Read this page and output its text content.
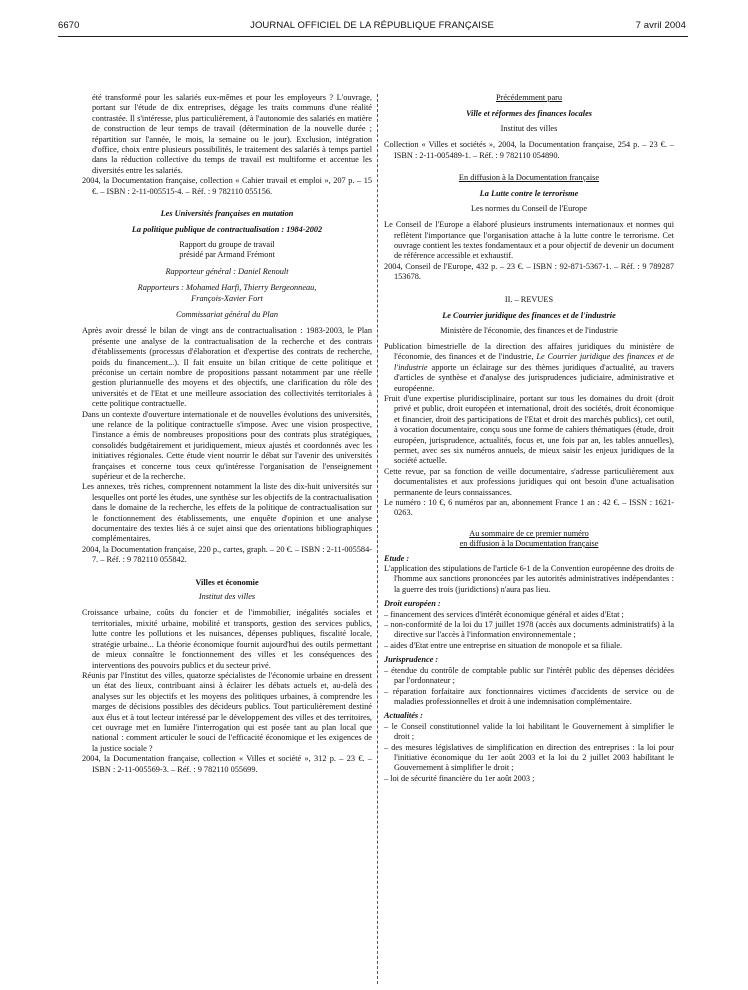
6670	JOURNAL OFFICIEL DE LA RÉPUBLIQUE FRANÇAISE	7 avril 2004

été transformé pour les salariés eux-mêmes et pour les employeurs ? L'ouvrage, portant sur l'étude de dix entreprises, dégage les traits communs d'une réalité contrastée. Il s'intéresse, plus particulièrement, à l'autonomie des salariés en matière de construction de leur temps de travail (détermination de la nouvelle durée ; répartition sur l'année, le mois, la semaine ou le jour). Exclusion, intégration d'office, choix entre plusieurs possibilités, le traitement des salariés à temps partiel dans la réduction collective du temps de travail est multiforme et accentue les diversités entre les salariés.

2004, la Documentation française, collection « Cahier travail et emploi », 207 p. – 15 €. – ISBN : 2-11-005515-4. – Réf. : 9 782110 055156.

Les Universités françaises en mutation

La politique publique de contractualisation : 1984-2002

Rapport du groupe de travail

présidé par Armand Frémont

Rapporteur général : Daniel Renoult

Rapporteurs : Mohamed Harfi, Thierry Bergeonneau,

François-Xavier Fort

Commissariat général du Plan

Après avoir dressé le bilan de vingt ans de contractualisation : 1983-2003, le Plan présente une analyse de la contractualisation de la recherche et des contrats d'établissements (processus d'élaboration et d'expertise des contrats de recherche, poids du financement...). Il fait ensuite un bilan critique de cette politique et préconise un certain nombre de propositions passant notamment par une réelle gestion pluriannuelle des moyens et des objectifs, une clarification du rôle des universités et de l'Etat et une meilleure association des collectivités territoriales à cette politique contractuelle.

Dans un contexte d'ouverture internationale et de nouvelles évolutions des universités, une relance de la politique contractuelle s'impose. Avec une vision prospective, l'instance a émis de nombreuses propositions pour des contrats plus stratégiques, consolidés budgétairement et juridiquement, mieux ajustés et coordonnés avec les initiatives régionales. Cette étude vient nourrir le débat sur l'avenir des universités françaises et concerne tous ceux qu'intéresse l'organisation de l'enseignement supérieur et de la recherche.

Les annexes, très riches, comprennent notamment la liste des dix-huit universités sur lesquelles ont porté les études, une synthèse sur les objectifs de la contractualisation dans le domaine de la recherche, les effets de la politique de contractualisation sur le fonctionnement des établissements, une enquête d'opinion et une analyse documentaire des textes liés à ce sujet ainsi que des orientations bibliographiques complémentaires.

2004, la Documentation française, 220 p., cartes, graph. – 20 €. – ISBN : 2-11-005584-7. – Réf. : 9 782110 055842.

Villes et économie

Institut des villes

Croissance urbaine, coûts du foncier et de l'immobilier, inégalités sociales et territoriales, mixité urbaine, mobilité et transports, gestion des services publics, lutte contre les pollutions et les nuisances, dépenses publiques, fiscalité locale, stratégie urbaine... La théorie économique fournit aujourd'hui des outils permettant de mieux connaître le fonctionnement des villes et les conséquences des interventions des pouvoirs publics et du secteur privé.

Réunis par l'Institut des villes, quatorze spécialistes de l'économie urbaine en dressent un état des lieux, contribuant ainsi à éclairer les débats actuels et, au-delà des analyses sur les objectifs et les moyens des politiques urbaines, à comprendre les marges de décisions possibles des décideurs publics. Tout particulièrement destiné aux élus et à tout lecteur intéressé par le développement des villes et des territoires, cet ouvrage met en lumière l'interrogation qui est posée tant au plan local que national : comment articuler le souci de l'efficacité économique et les exigences de la justice sociale ?

2004, la Documentation française, collection « Villes et société », 312 p. – 23 €. – ISBN : 2-11-005569-3. – Réf. : 9 782110 055699.

Précédemment paru

Ville et réformes des finances locales

Institut des villes

Collection « Villes et sociétés », 2004, la Documentation française, 254 p. – 23 €. – ISBN : 2-11-005489-1. – Réf. : 9 782110 054890.

En diffusion à la Documentation française

La Lutte contre le terrorisme

Les normes du Conseil de l'Europe

Le Conseil de l'Europe a élaboré plusieurs instruments internationaux et normes qui reflètent l'importance que l'organisation attache à la lutte contre le terrorisme. Cet ouvrage contient les textes fondamentaux et a pour objectif de devenir un document de référence accessible et exhaustif.

2004, Conseil de l'Europe, 432 p. – 23 €. – ISBN : 92-871-5367-1. – Réf. : 9 789287 153678.

II. – REVUES

Le Courrier juridique des finances et de l'industrie

Ministère de l'économie, des finances et de l'industrie

Publication bimestrielle de la direction des affaires juridiques du ministère de l'économie, des finances et de l'industrie, Le Courrier juridique des finances et de l'industrie apporte un éclairage sur des thèmes juridiques d'actualité, au travers d'articles de synthèse et d'analyse des jurisprudences judiciaire, administrative et européenne.

Fruit d'une expertise pluridisciplinaire, portant sur tous les domaines du droit (droit privé et public, droit européen et international, droit des sociétés, droit économique et financier, droit des participations de l'Etat et droit des marchés publics), cet outil, à vocation documentaire, conçu sous une forme de cahiers thématiques (étude, droit européen, jurisprudence, actualités, focus et, une fois par an, les tables annuelles), permet, avec ses six numéros annuels, de mieux saisir les enjeux juridiques de la société actuelle.

Cette revue, par sa fonction de veille documentaire, s'adresse particulièrement aux documentalistes et aux professions juridiques qui ont besoin d'une actualisation permanente de leurs connaissances.

Le numéro : 10 €, 6 numéros par an, abonnement France 1 an : 42 €. – ISSN : 1621-0263.

Au sommaire de ce premier numéro

en diffusion à la Documentation française

Etude :

L'application des stipulations de l'article 6-1 de la Convention européenne des droits de l'homme aux sanctions prononcées par les autorités administratives indépendantes : la guerre des trois (juridictions) n'aura pas lieu.

Droit européen :

– financement des services d'intérêt économique général et aides d'Etat ;

– non-conformité de la loi du 17 juillet 1978 (accès aux documents administratifs) à la directive sur l'accès à l'information environnementale ;

– aides d'Etat entre une entreprise en situation de monopole et sa filiale.

Jurisprudence :

– étendue du contrôle de comptable public sur l'intérêt public des dépenses décidées par l'ordonnateur ;

– réparation forfaitaire aux fonctionnaires victimes d'accidents de service ou de maladies professionnelles et droit à une indemnisation complémentaire.

Actualités :

– le Conseil constitutionnel valide la loi habilitant le Gouvernement à simplifier le droit ;

– des mesures législatives de simplification en direction des entreprises : la loi pour l'initiative économique du 1er août 2003 et la loi du 2 juillet 2003 habilitant le Gouvernement à simplifier le droit ;

– loi de sécurité financière du 1er août 2003 ;
